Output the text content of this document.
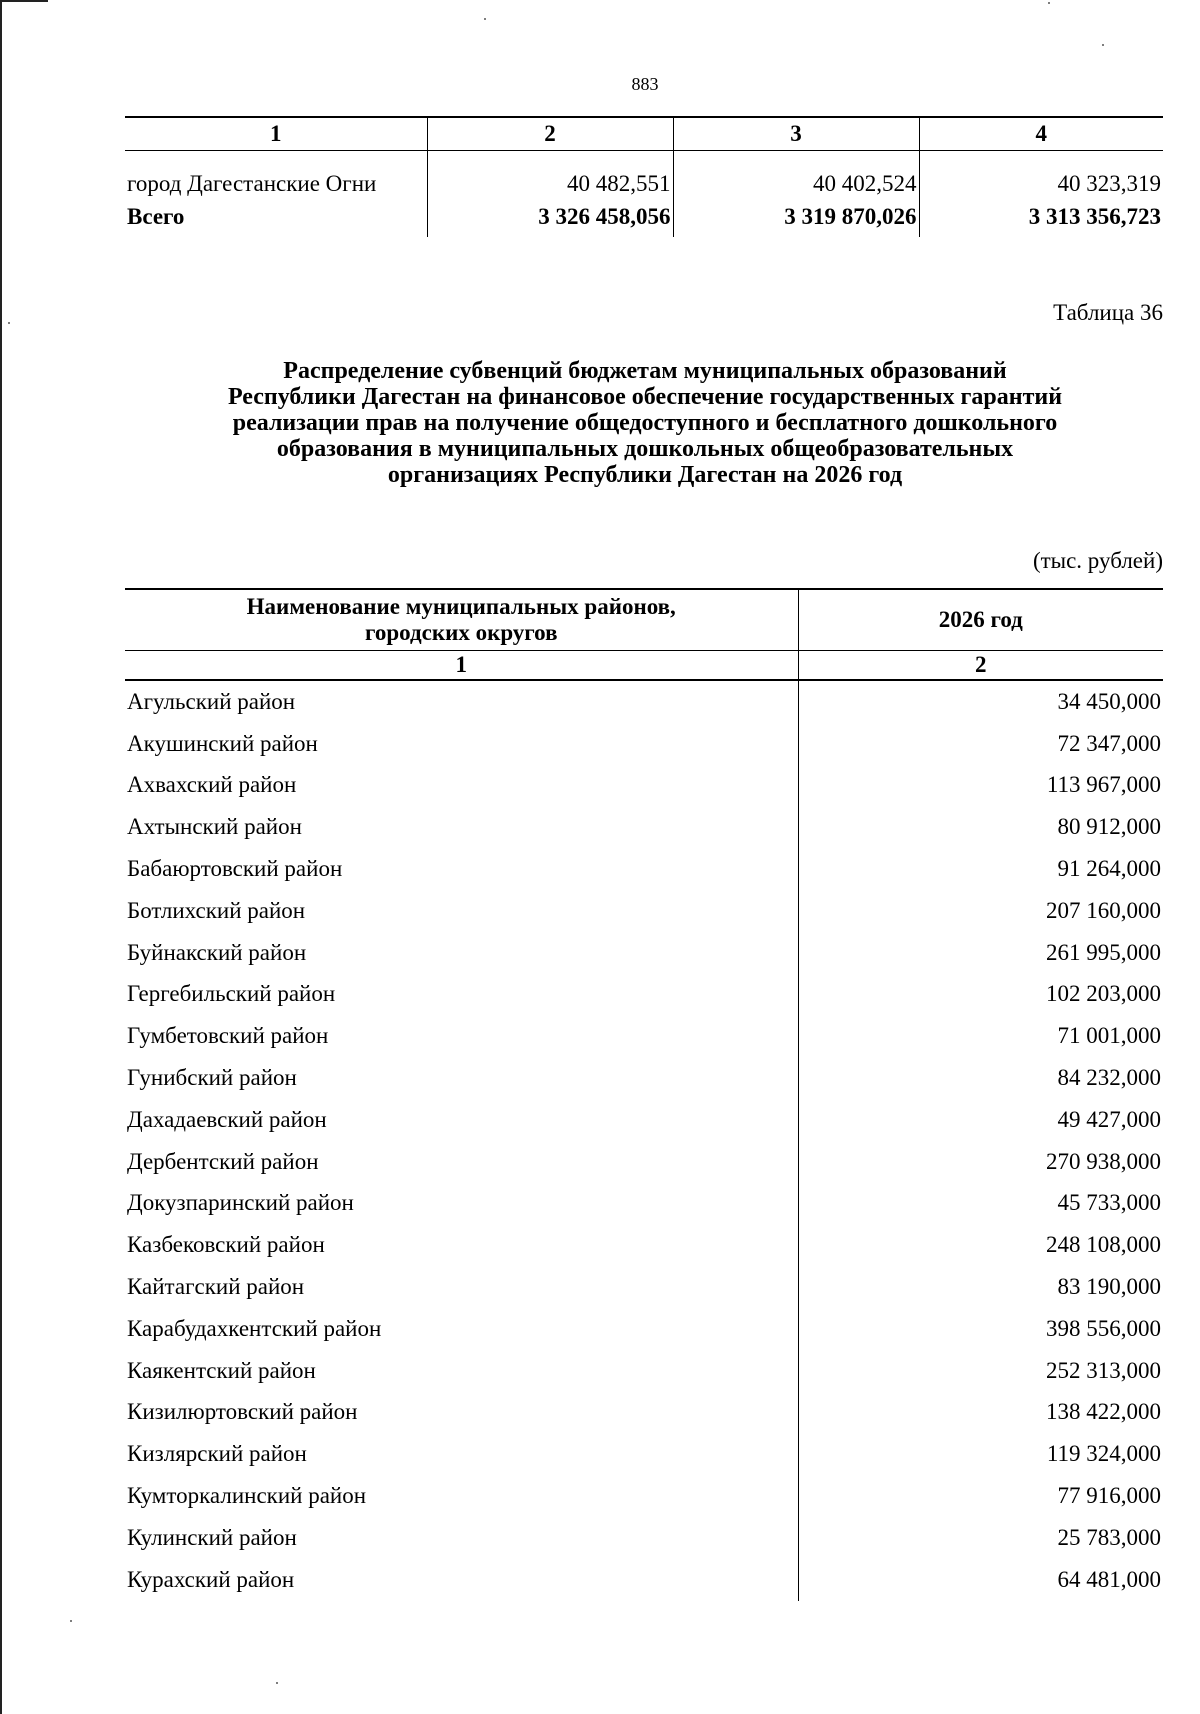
883
1	2	3	4
город Дагестанские Огни	40 482,551	40 402,524	40 323,319
Всего	3 326 458,056	3 319 870,026	3 313 356,723
Таблица 36
Распределение субвенций бюджетам муниципальных образований
Республики Дагестан на финансовое обеспечение государственных гарантий
реализации прав на получение общедоступного и бесплатного дошкольного
образования в муниципальных дошкольных общеобразовательных
организациях Республики Дагестан на 2026 год
(тыс. рублей)
Наименование муниципальных районов,
городских округов	2026 год
1	2
Агульский район	34 450,000
Акушинский район	72 347,000
Ахвахский район	113 967,000
Ахтынский район	80 912,000
Бабаюртовский район	91 264,000
Ботлихский район	207 160,000
Буйнакский район	261 995,000
Гергебильский район	102 203,000
Гумбетовский район	71 001,000
Гунибский район	84 232,000
Дахадаевский район	49 427,000
Дербентский район	270 938,000
Докузпаринский район	45 733,000
Казбековский район	248 108,000
Кайтагский район	83 190,000
Карабудахкентский район	398 556,000
Каякентский район	252 313,000
Кизилюртовский район	138 422,000
Кизлярский район	119 324,000
Кумторкалинский район	77 916,000
Кулинский район	25 783,000
Курахский район	64 481,000
